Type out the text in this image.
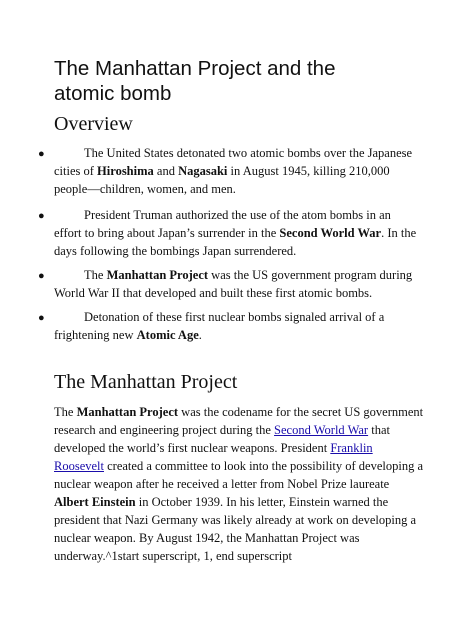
The Manhattan Project and the atomic bomb
Overview
●	The United States detonated two atomic bombs over the Japanese cities of Hiroshima and Nagasaki in August 1945, killing 210,000 people—children, women, and men.
●	President Truman authorized the use of the atom bombs in an effort to bring about Japan’s surrender in the Second World War. In the days following the bombings Japan surrendered.
●	The Manhattan Project was the US government program during World War II that developed and built these first atomic bombs.
●	Detonation of these first nuclear bombs signaled arrival of a frightening new Atomic Age.
The Manhattan Project

The Manhattan Project was the codename for the secret US government research and engineering project during the Second World War that developed the world’s first nuclear weapons. President Franklin Roosevelt created a committee to look into the possibility of developing a nuclear weapon after he received a letter from Nobel Prize laureate Albert Einstein in October 1939. In his letter, Einstein warned the president that Nazi Germany was likely already at work on developing a nuclear weapon. By August 1942, the Manhattan Project was underway.^1start superscript, 1, end superscript
